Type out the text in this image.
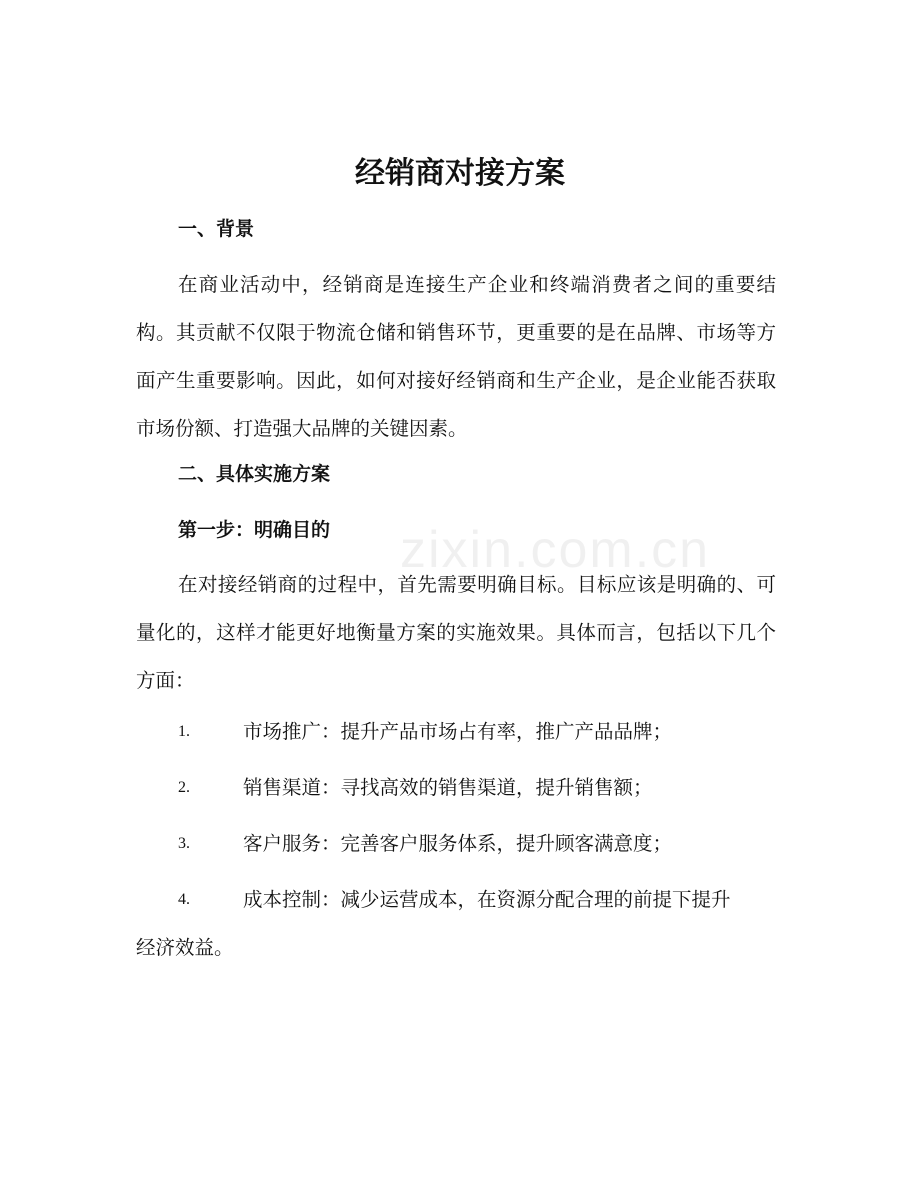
zixin.com.cn
经销商对接方案
一、背景

在商业活动中，经销商是连接生产企业和终端消费者之间的重要结构。其贡献不仅限于物流仓储和销售环节，更重要的是在品牌、市场等方面产生重要影响。因此，如何对接好经销商和生产企业，是企业能否获取市场份额、打造强大品牌的关键因素。

二、具体实施方案
第一步：明确目的

在对接经销商的过程中，首先需要明确目标。目标应该是明确的、可量化的，这样才能更好地衡量方案的实施效果。具体而言，包括以下几个方面：

1.	市场推广：提升产品市场占有率，推广产品品牌；
2.	销售渠道：寻找高效的销售渠道，提升销售额；
3.	客户服务：完善客户服务体系，提升顾客满意度；
4.	成本控制：减少运营成本，在资源分配合理的前提下提升
经济效益。
